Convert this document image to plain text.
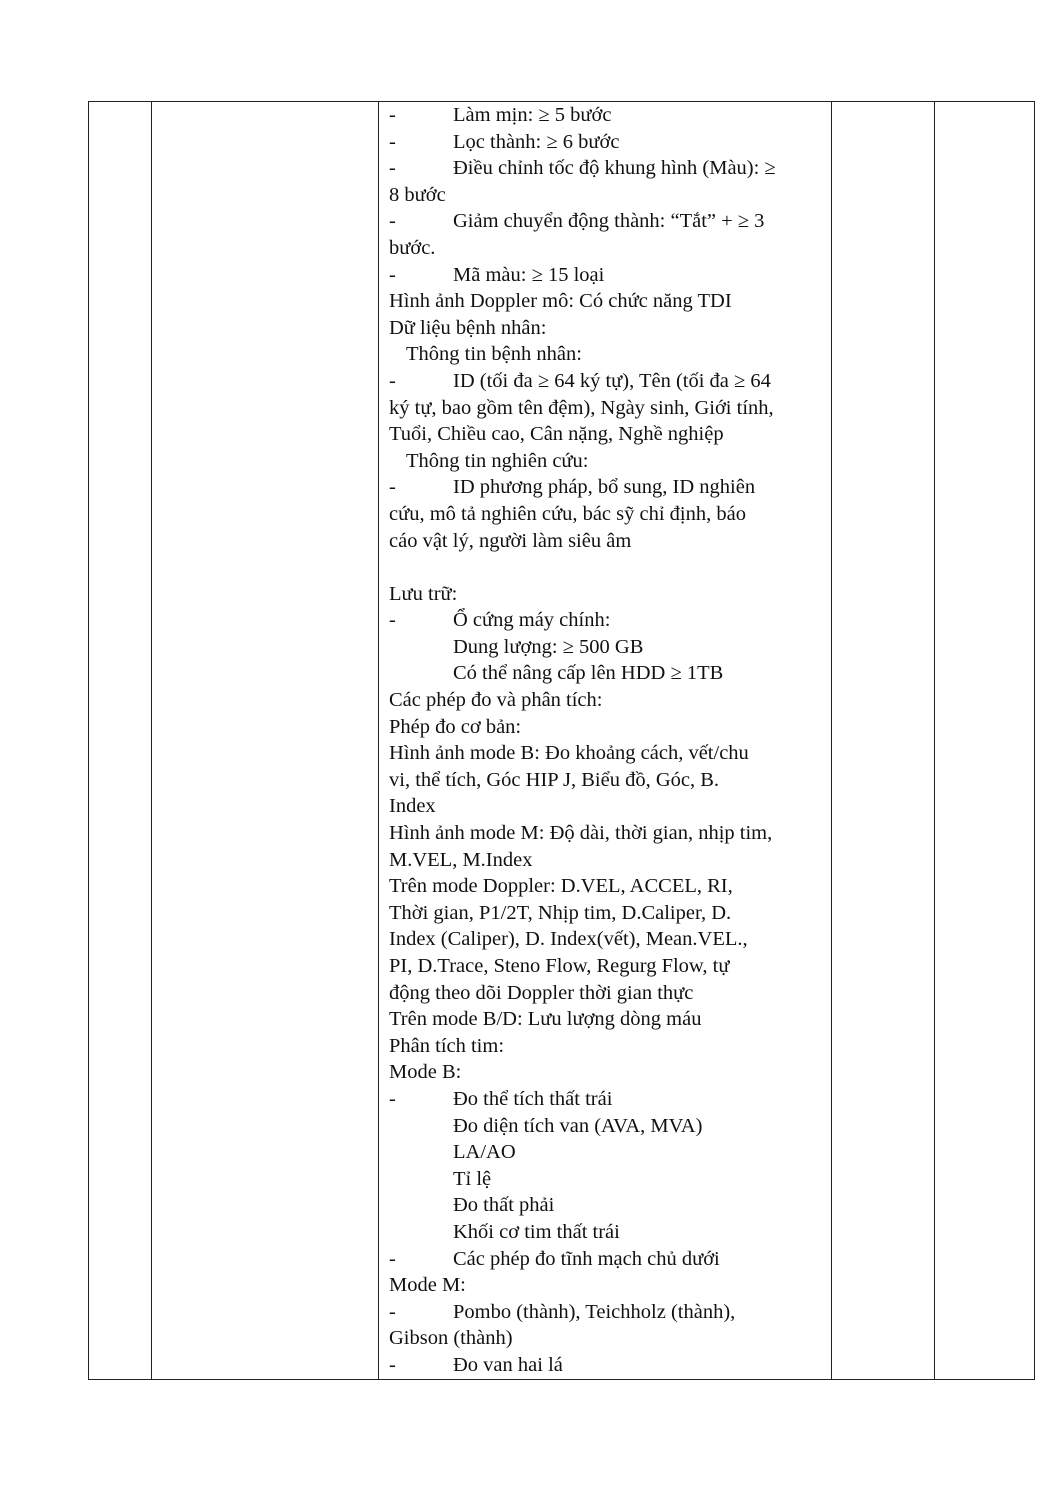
-	Làm mịn: ≥ 5 bước
-	Lọc thành: ≥ 6 bước
-	Điều chỉnh tốc độ khung hình (Màu): ≥
8 bước
-	Giảm chuyển động thành: “Tắt” + ≥ 3
bước.
-	Mã màu: ≥ 15 loại
Hình ảnh Doppler mô: Có chức năng TDI
Dữ liệu bệnh nhân:
Thông tin bệnh nhân:
-	ID (tối đa ≥ 64 ký tự), Tên (tối đa ≥ 64
ký tự, bao gồm tên đệm), Ngày sinh, Giới tính,
Tuổi, Chiều cao, Cân nặng, Nghề nghiệp
Thông tin nghiên cứu:
-	ID phương pháp, bổ sung, ID nghiên
cứu, mô tả nghiên cứu, bác sỹ chỉ định, báo
cáo vật lý, người làm siêu âm
Lưu trữ:
-	Ổ cứng máy chính:
Dung lượng: ≥ 500 GB
Có thể nâng cấp lên HDD ≥ 1TB
Các phép đo và phân tích:
Phép đo cơ bản:
Hình ảnh mode B: Đo khoảng cách, vết/chu
vi, thể tích, Góc HIP J, Biểu đồ, Góc, B.
Index
Hình ảnh mode M: Độ dài, thời gian, nhịp tim,
M.VEL, M.Index
Trên mode Doppler: D.VEL, ACCEL, RI,
Thời gian, P1/2T, Nhịp tim, D.Caliper, D.
Index (Caliper), D. Index(vết), Mean.VEL.,
PI, D.Trace, Steno Flow, Regurg Flow, tự
động theo dõi Doppler thời gian thực
Trên mode B/D: Lưu lượng dòng máu
Phân tích tim:
Mode B:
-	Đo thể tích thất trái
Đo diện tích van (AVA, MVA)
LA/AO
Tỉ lệ
Đo thất phải
Khối cơ tim thất trái
-	Các phép đo tĩnh mạch chủ dưới
Mode M:
-	Pombo (thành), Teichholz (thành),
Gibson (thành)
-	Đo van hai lá
